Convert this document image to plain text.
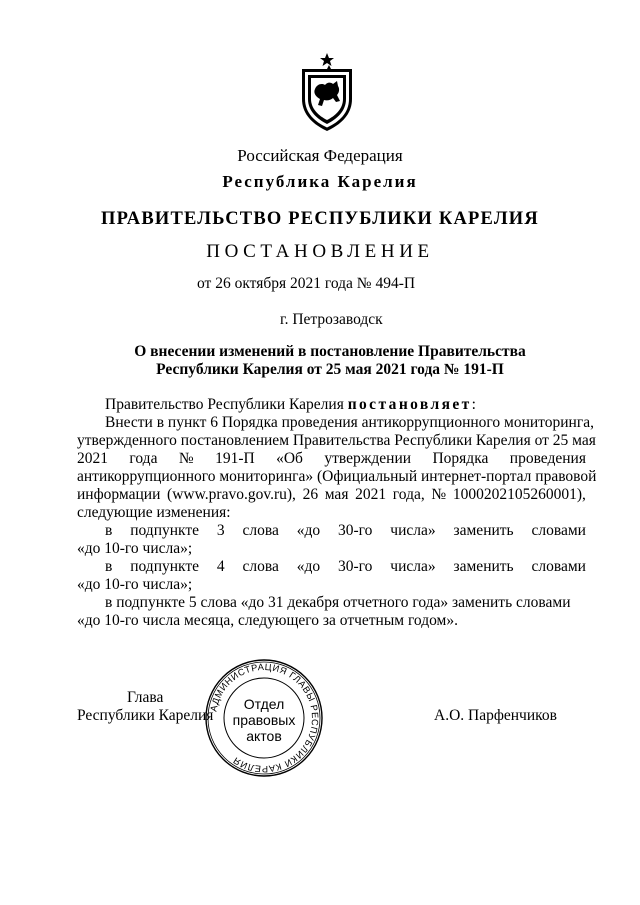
Российская Федерация
Республика Карелия
ПРАВИТЕЛЬСТВО РЕСПУБЛИКИ КАРЕЛИЯ
ПОСТАНОВЛЕНИЕ
от 26 октября 2021 года № 494-П
г. Петрозаводск
О внесении изменений в постановление Правительства
Республики Карелия от 25 мая 2021 года № 191-П
Правительство Республики Карелия постановляет:
Внести в пункт 6 Порядка проведения антикоррупционного мониторинга,
утвержденного постановлением Правительства Республики Карелия от 25 мая
2021 года № 191-П «Об утверждении Порядка проведения
антикоррупционного мониторинга» (Официальный интернет-портал правовой
информации (www.pravo.gov.ru), 26 мая 2021 года, № 1000202105260001),
следующие изменения:
в подпункте 3 слова «до 30-го числа» заменить словами
«до 10-го числа»;
в подпункте 4 слова «до 30-го числа» заменить словами
«до 10-го числа»;
в подпункте 5 слова «до 31 декабря отчетного года» заменить словами
«до 10-го числа месяца, следующего за отчетным годом».
Глава
Республики Карелия	А.О. Парфенчиков
АДМИНИСТРАЦИЯ ГЛАВЫ РЕСПУБЛИКИ КАРЕЛИЯ
Отдел
правовых
актов
